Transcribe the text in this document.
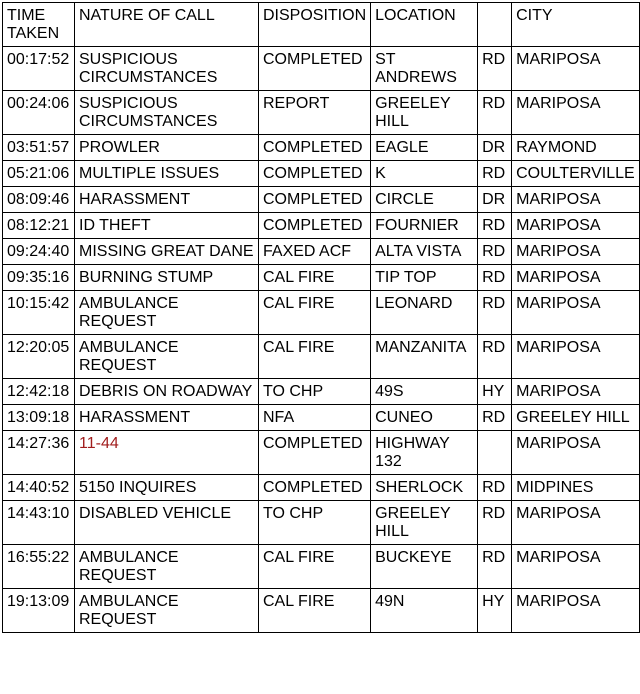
TIME TAKEN	NATURE OF CALL	DISPOSITION	LOCATION		CITY
00:17:52	SUSPICIOUS CIRCUMSTANCES	COMPLETED	ST ANDREWS	RD	MARIPOSA
00:24:06	SUSPICIOUS CIRCUMSTANCES	REPORT	GREELEY HILL	RD	MARIPOSA
03:51:57	PROWLER	COMPLETED	EAGLE	DR	RAYMOND
05:21:06	MULTIPLE ISSUES	COMPLETED	K	RD	COULTERVILLE
08:09:46	HARASSMENT	COMPLETED	CIRCLE	DR	MARIPOSA
08:12:21	ID THEFT	COMPLETED	FOURNIER	RD	MARIPOSA
09:24:40	MISSING GREAT DANE	FAXED ACF	ALTA VISTA	RD	MARIPOSA
09:35:16	BURNING STUMP	CAL FIRE	TIP TOP	RD	MARIPOSA
10:15:42	AMBULANCE REQUEST	CAL FIRE	LEONARD	RD	MARIPOSA
12:20:05	AMBULANCE REQUEST	CAL FIRE	MANZANITA	RD	MARIPOSA
12:42:18	DEBRIS ON ROADWAY	TO CHP	49S	HY	MARIPOSA
13:09:18	HARASSMENT	NFA	CUNEO	RD	GREELEY HILL
14:27:36	11-44	COMPLETED	HIGHWAY 132		MARIPOSA
14:40:52	5150 INQUIRES	COMPLETED	SHERLOCK	RD	MIDPINES
14:43:10	DISABLED VEHICLE	TO CHP	GREELEY HILL	RD	MARIPOSA
16:55:22	AMBULANCE REQUEST	CAL FIRE	BUCKEYE	RD	MARIPOSA
19:13:09	AMBULANCE REQUEST	CAL FIRE	49N	HY	MARIPOSA
